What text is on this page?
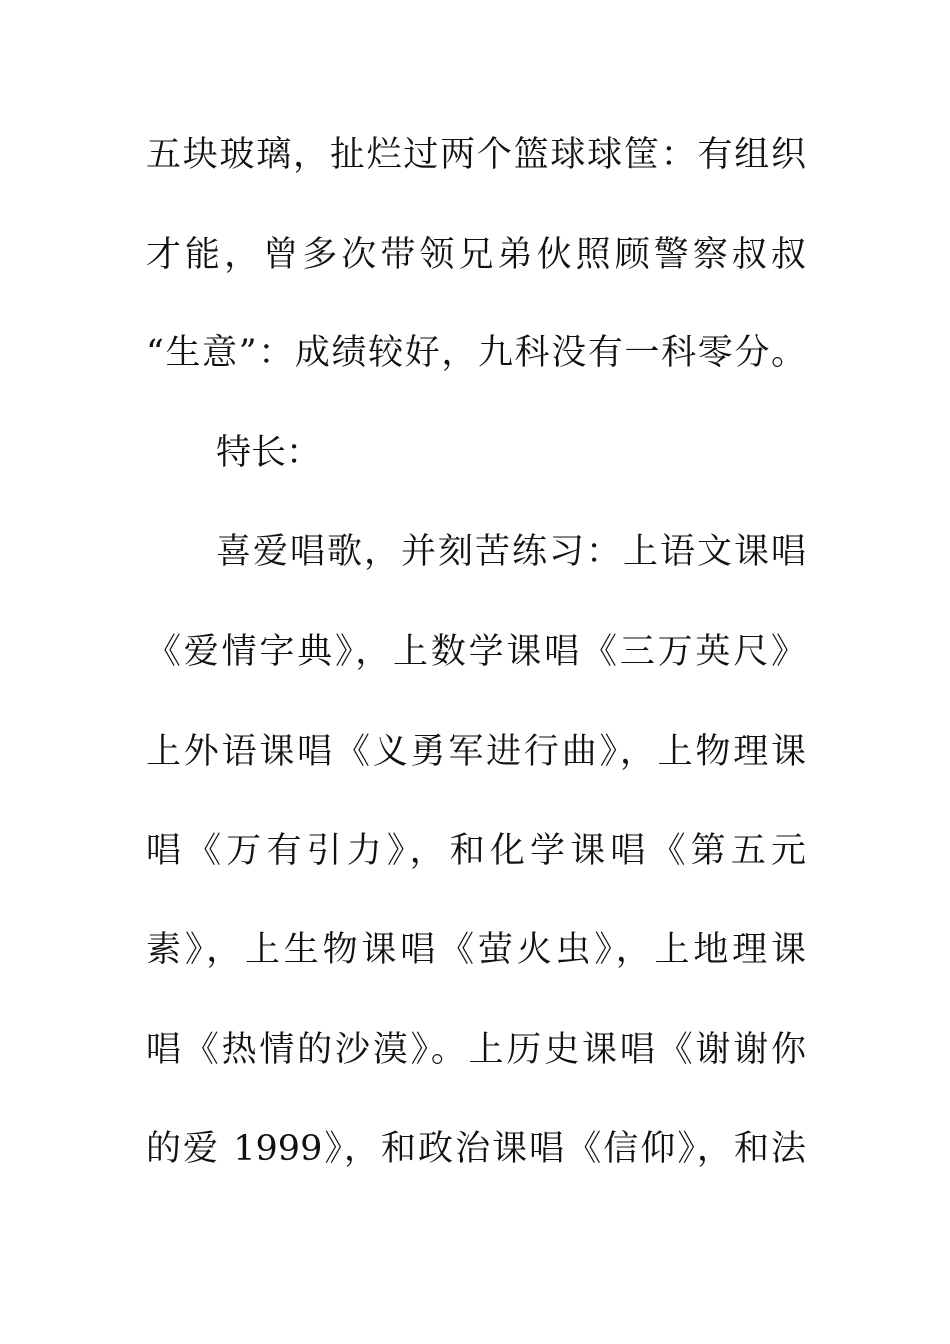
五块玻璃，扯烂过两个篮球球筐：有组织
才能，曾多次带领兄弟伙照顾警察叔叔
“生意”：成绩较好，九科没有一科零分。
特长：
喜爱唱歌，并刻苦练习：上语文课唱
《爱情字典》，上数学课唱《三万英尺》
上外语课唱《义勇军进行曲》，上物理课
唱《万有引力》，和化学课唱《第五元
素》，上生物课唱《萤火虫》，上地理课
唱《热情的沙漠》。上历史课唱《谢谢你
的爱 1999》，和政治课唱《信仰》，和法
